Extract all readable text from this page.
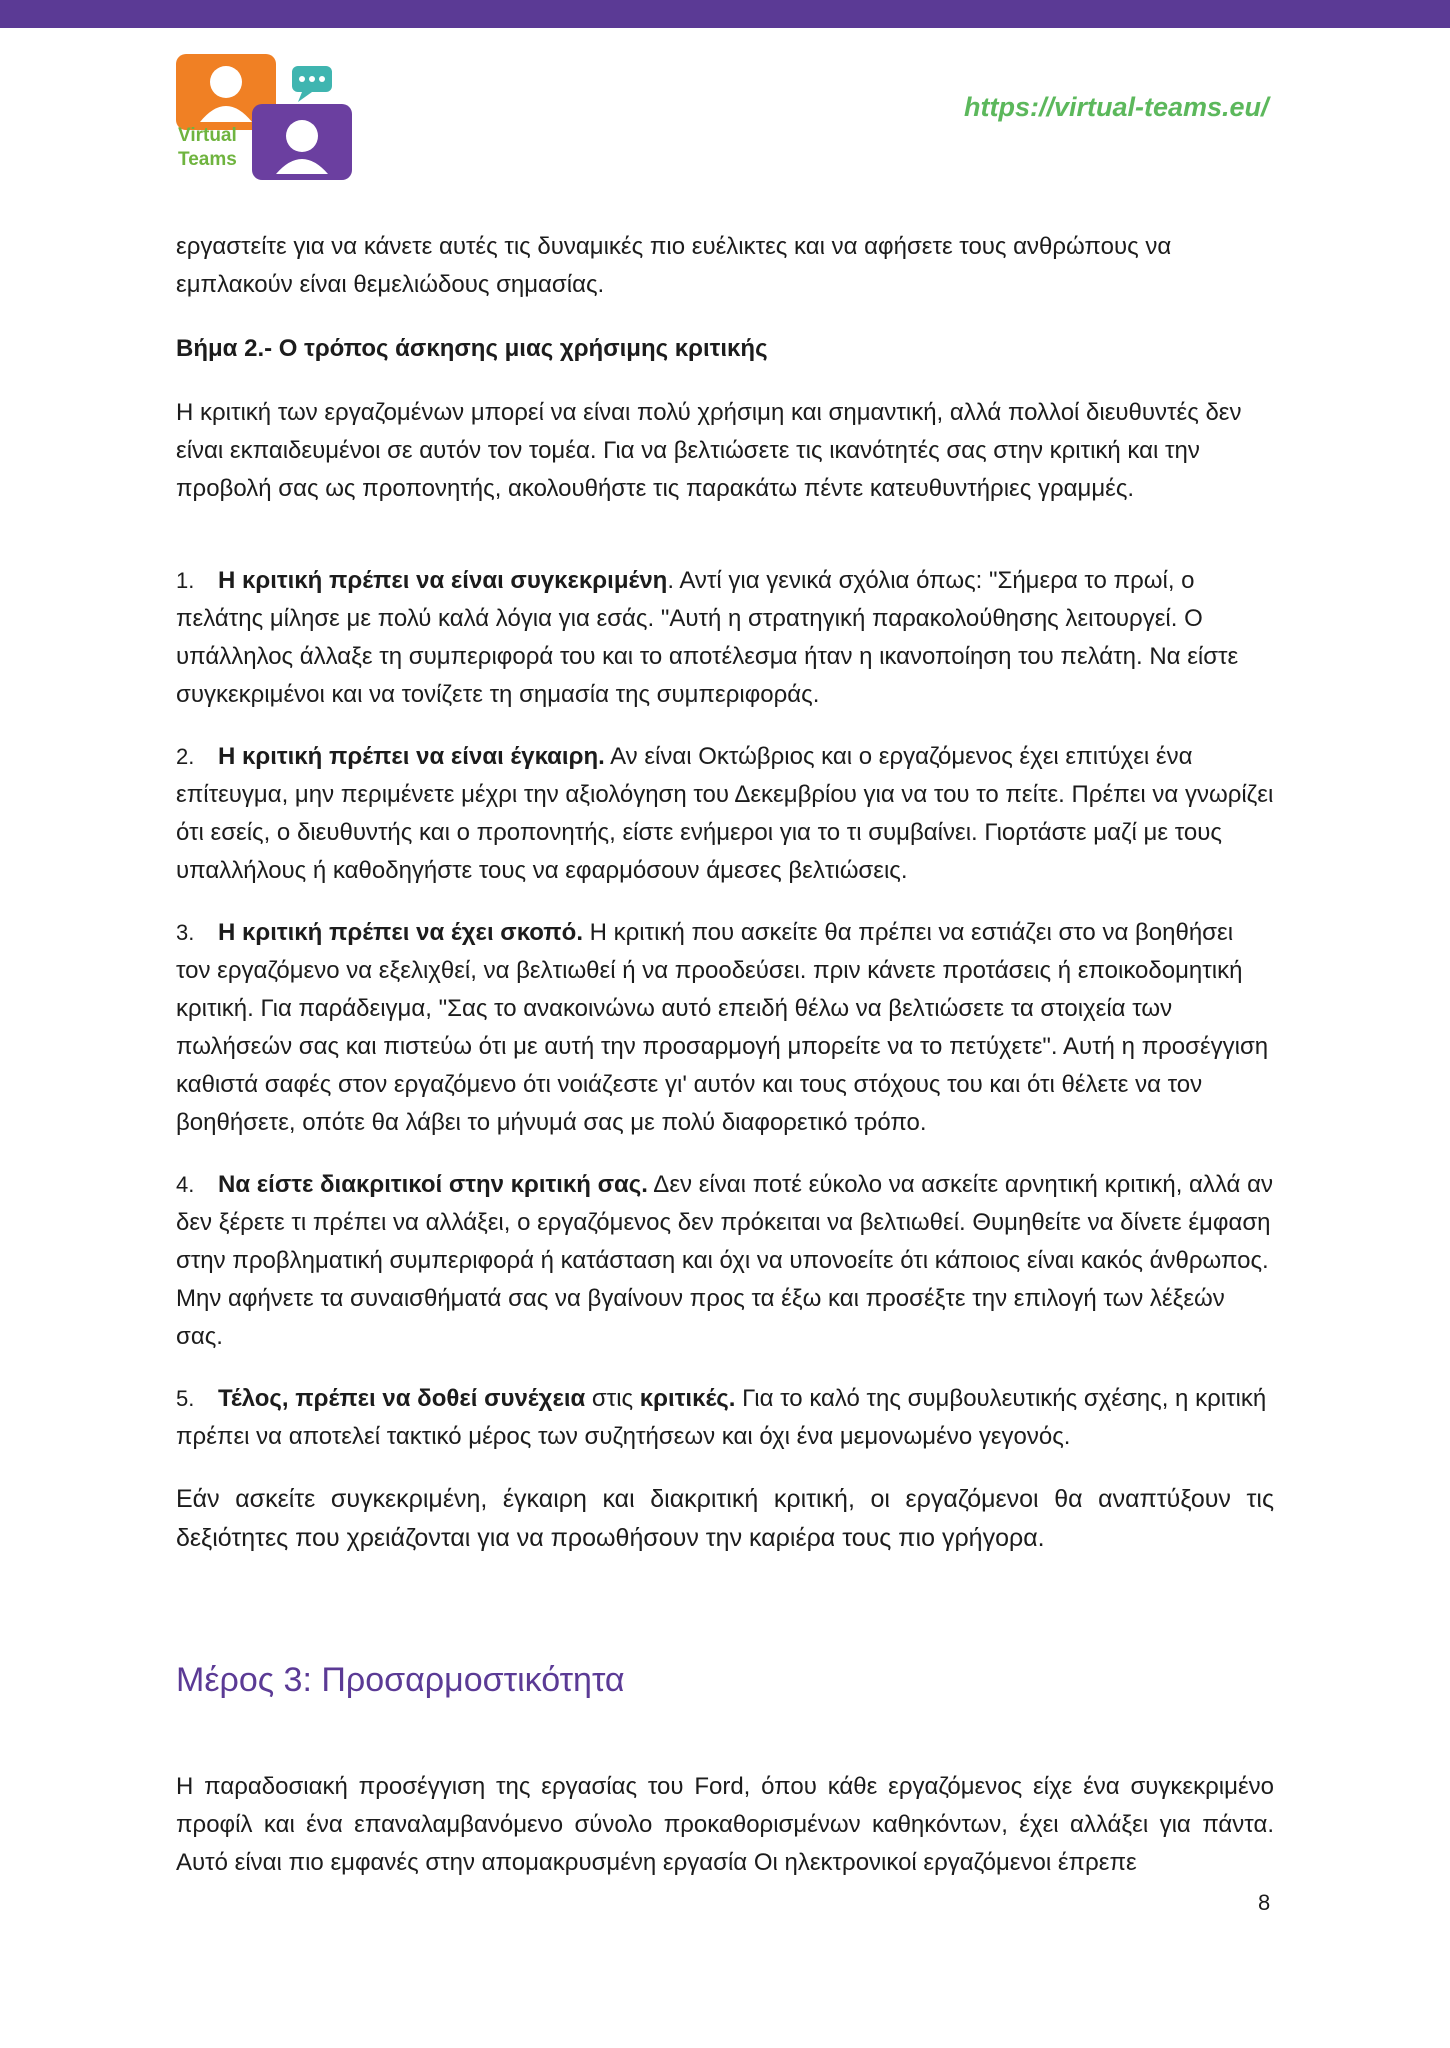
Virtual
Teams
https://virtual-teams.eu/

εργαστείτε για να κάνετε αυτές τις δυναμικές πιο ευέλικτες και να αφήσετε τους ανθρώπους να εμπλακούν είναι θεμελιώδους σημασίας.

Βήμα 2.- Ο τρόπος άσκησης μιας χρήσιμης κριτικής

Η κριτική των εργαζομένων μπορεί να είναι πολύ χρήσιμη και σημαντική, αλλά πολλοί διευθυντές δεν είναι εκπαιδευμένοι σε αυτόν τον τομέα. Για να βελτιώσετε τις ικανότητές σας στην κριτική και την προβολή σας ως προπονητής, ακολουθήστε τις παρακάτω πέντε κατευθυντήριες γραμμές.

1. Η κριτική πρέπει να είναι συγκεκριμένη. Αντί για γενικά σχόλια όπως: "Σήμερα το πρωί, ο πελάτης μίλησε με πολύ καλά λόγια για εσάς. "Αυτή η στρατηγική παρακολούθησης λειτουργεί. Ο υπάλληλος άλλαξε τη συμπεριφορά του και το αποτέλεσμα ήταν η ικανοποίηση του πελάτη. Να είστε συγκεκριμένοι και να τονίζετε τη σημασία της συμπεριφοράς.
2. Η κριτική πρέπει να είναι έγκαιρη. Αν είναι Οκτώβριος και ο εργαζόμενος έχει επιτύχει ένα επίτευγμα, μην περιμένετε μέχρι την αξιολόγηση του Δεκεμβρίου για να του το πείτε. Πρέπει να γνωρίζει ότι εσείς, ο διευθυντής και ο προπονητής, είστε ενήμεροι για το τι συμβαίνει. Γιορτάστε μαζί με τους υπαλλήλους ή καθοδηγήστε τους να εφαρμόσουν άμεσες βελτιώσεις.
3. Η κριτική πρέπει να έχει σκοπό. Η κριτική που ασκείτε θα πρέπει να εστιάζει στο να βοηθήσει τον εργαζόμενο να εξελιχθεί, να βελτιωθεί ή να προοδεύσει. πριν κάνετε προτάσεις ή εποικοδομητική κριτική. Για παράδειγμα, "Σας το ανακοινώνω αυτό επειδή θέλω να βελτιώσετε τα στοιχεία των πωλήσεών σας και πιστεύω ότι με αυτή την προσαρμογή μπορείτε να το πετύχετε". Αυτή η προσέγγιση καθιστά σαφές στον εργαζόμενο ότι νοιάζεστε γι' αυτόν και τους στόχους του και ότι θέλετε να τον βοηθήσετε, οπότε θα λάβει το μήνυμά σας με πολύ διαφορετικό τρόπο.
4. Να είστε διακριτικοί στην κριτική σας. Δεν είναι ποτέ εύκολο να ασκείτε αρνητική κριτική, αλλά αν δεν ξέρετε τι πρέπει να αλλάξει, ο εργαζόμενος δεν πρόκειται να βελτιωθεί. Θυμηθείτε να δίνετε έμφαση στην προβληματική συμπεριφορά ή κατάσταση και όχι να υπονοείτε ότι κάποιος είναι κακός άνθρωπος. Μην αφήνετε τα συναισθήματά σας να βγαίνουν προς τα έξω και προσέξτε την επιλογή των λέξεών σας.
5. Τέλος, πρέπει να δοθεί συνέχεια στις κριτικές. Για το καλό της συμβουλευτικής σχέσης, η κριτική πρέπει να αποτελεί τακτικό μέρος των συζητήσεων και όχι ένα μεμονωμένο γεγονός.

Εάν ασκείτε συγκεκριμένη, έγκαιρη και διακριτική κριτική, οι εργαζόμενοι θα αναπτύξουν τις δεξιότητες που χρειάζονται για να προωθήσουν την καριέρα τους πιο γρήγορα.

Μέρος 3: Προσαρμοστικότητα

Η παραδοσιακή προσέγγιση της εργασίας του Ford, όπου κάθε εργαζόμενος είχε ένα συγκεκριμένο προφίλ και ένα επαναλαμβανόμενο σύνολο προκαθορισμένων καθηκόντων, έχει αλλάξει για πάντα. Αυτό είναι πιο εμφανές στην απομακρυσμένη εργασία Οι ηλεκτρονικοί εργαζόμενοι έπρεπε

8
